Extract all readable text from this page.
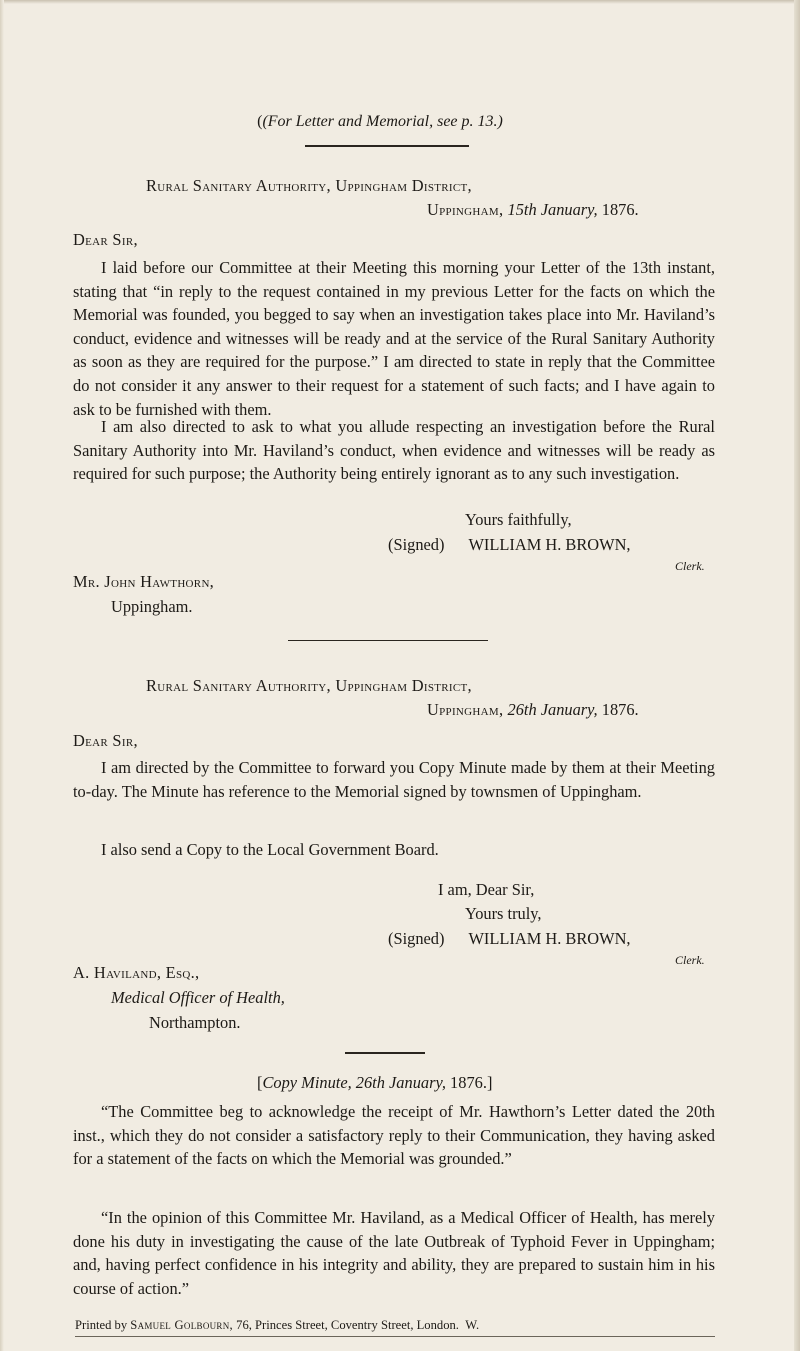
((For Letter and Memorial, see p. 13.)
Rural Sanitary Authority, Uppingham District,
Uppingham, 15th January, 1876.
Dear Sir,
I laid before our Committee at their Meeting this morning your Letter of the 13th instant, stating that “in reply to the request contained in my previous Letter for the facts on which the Memorial was founded, you begged to say when an investigation takes place into Mr. Haviland’s conduct, evidence and witnesses will be ready and at the service of the Rural Sanitary Authority as soon as they are required for the purpose.” I am directed to state in reply that the Committee do not consider it any answer to their request for a statement of such facts; and I have again to ask to be furnished with them.
I am also directed to ask to what you allude respecting an investigation before the Rural Sanitary Authority into Mr. Haviland’s conduct, when evidence and witnesses will be ready as required for such purpose; the Authority being entirely ignorant as to any such investigation.
Yours faithfully,
(Signed) WILLIAM H. BROWN,
Clerk.
Mr. John Hawthorn,
Uppingham.
Rural Sanitary Authority, Uppingham District,
Uppingham, 26th January, 1876.
Dear Sir,
I am directed by the Committee to forward you Copy Minute made by them at their Meeting to-day. The Minute has reference to the Memorial signed by townsmen of Uppingham.
I also send a Copy to the Local Government Board.
I am, Dear Sir,
Yours truly,
(Signed) WILLIAM H. BROWN,
Clerk.
A. Haviland, Esq.,
Medical Officer of Health,
Northampton.
[Copy Minute, 26th January, 1876.]
“The Committee beg to acknowledge the receipt of Mr. Hawthorn’s Letter dated the 20th inst., which they do not consider a satisfactory reply to their Communication, they having asked for a statement of the facts on which the Memorial was grounded.”
“In the opinion of this Committee Mr. Haviland, as a Medical Officer of Health, has merely done his duty in investigating the cause of the late Outbreak of Typhoid Fever in Uppingham; and, having perfect confidence in his integrity and ability, they are prepared to sustain him in his course of action.”
Printed by Samuel Golbourn, 76, Princes Street, Coventry Street, London. W.
